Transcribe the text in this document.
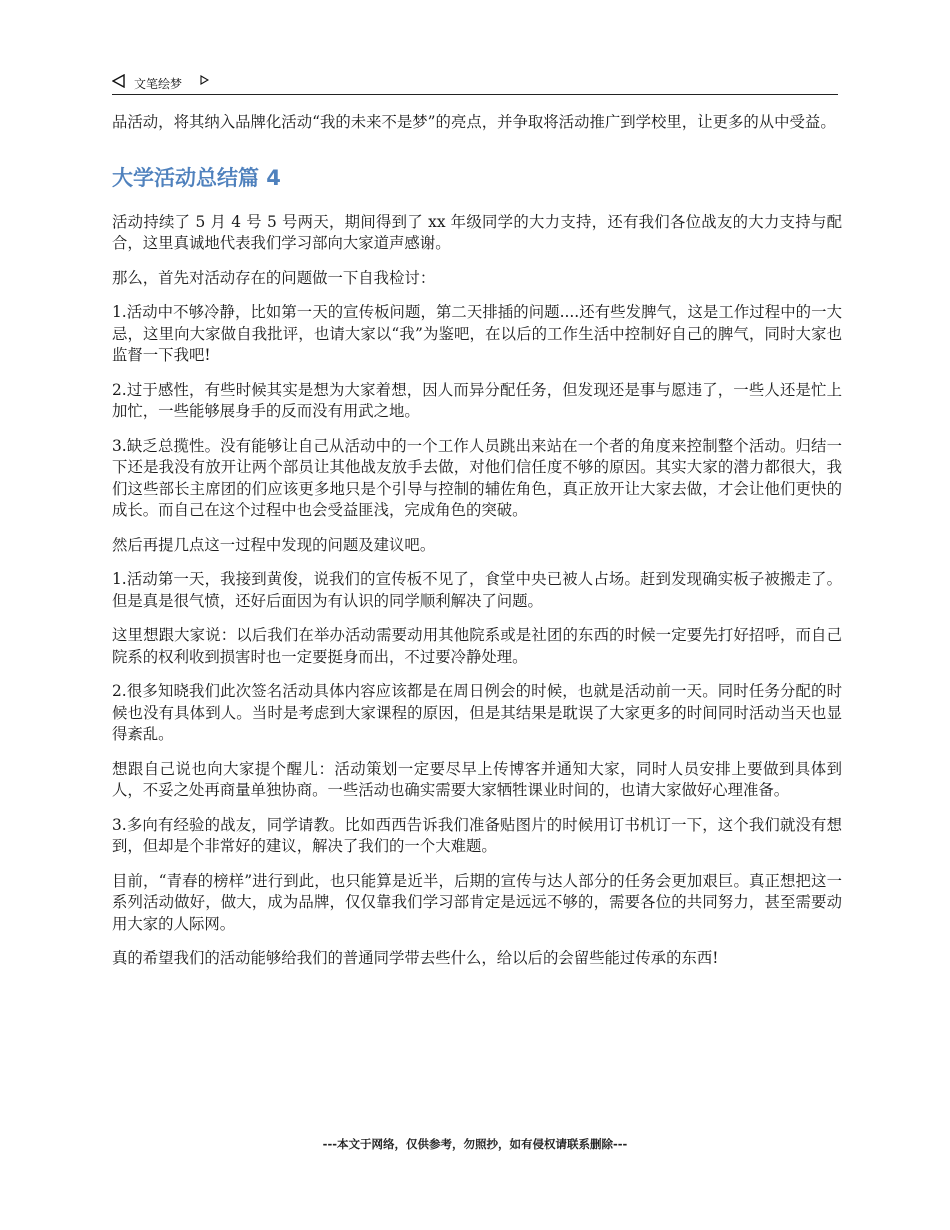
文笔绘梦

品活动，将其纳入品牌化活动“我的未来不是梦”的亮点，并争取将活动推广到学校里，让更多的从中受益。

大学活动总结篇 4

活动持续了 5 月 4 号 5 号两天，期间得到了 xx 年级同学的大力支持，还有我们各位战友的大力支持与配合，这里真诚地代表我们学习部向大家道声感谢。

那么，首先对活动存在的问题做一下自我检讨：

1.活动中不够冷静，比如第一天的宣传板问题，第二天排插的问题....还有些发脾气，这是工作过程中的一大忌，这里向大家做自我批评，也请大家以“我”为鉴吧，在以后的工作生活中控制好自己的脾气，同时大家也监督一下我吧!

2.过于感性，有些时候其实是想为大家着想，因人而异分配任务，但发现还是事与愿违了，一些人还是忙上加忙，一些能够展身手的反而没有用武之地。

3.缺乏总揽性。没有能够让自己从活动中的一个工作人员跳出来站在一个者的角度来控制整个活动。归结一下还是我没有放开让两个部员让其他战友放手去做，对他们信任度不够的原因。其实大家的潜力都很大，我们这些部长主席团的们应该更多地只是个引导与控制的辅佐角色，真正放开让大家去做，才会让他们更快的成长。而自己在这个过程中也会受益匪浅，完成角色的突破。

然后再提几点这一过程中发现的问题及建议吧。

1.活动第一天，我接到黄俊，说我们的宣传板不见了，食堂中央已被人占场。赶到发现确实板子被搬走了。但是真是很气愤，还好后面因为有认识的同学顺利解决了问题。

这里想跟大家说：以后我们在举办活动需要动用其他院系或是社团的东西的时候一定要先打好招呼，而自己院系的权利收到损害时也一定要挺身而出，不过要冷静处理。

2.很多知晓我们此次签名活动具体内容应该都是在周日例会的时候，也就是活动前一天。同时任务分配的时候也没有具体到人。当时是考虑到大家课程的原因，但是其结果是耽误了大家更多的时间同时活动当天也显得紊乱。

想跟自己说也向大家提个醒儿：活动策划一定要尽早上传博客并通知大家，同时人员安排上要做到具体到人，不妥之处再商量单独协商。一些活动也确实需要大家牺牲课业时间的，也请大家做好心理准备。

3.多向有经验的战友，同学请教。比如西西告诉我们准备贴图片的时候用订书机订一下，这个我们就没有想到，但却是个非常好的建议，解决了我们的一个大难题。

目前，“青春的榜样”进行到此，也只能算是近半，后期的宣传与达人部分的任务会更加艰巨。真正想把这一系列活动做好，做大，成为品牌，仅仅靠我们学习部肯定是远远不够的，需要各位的共同努力，甚至需要动用大家的人际网。

真的希望我们的活动能够给我们的普通同学带去些什么，给以后的会留些能过传承的东西!

---本文于网络，仅供参考，勿照抄，如有侵权请联系删除---
